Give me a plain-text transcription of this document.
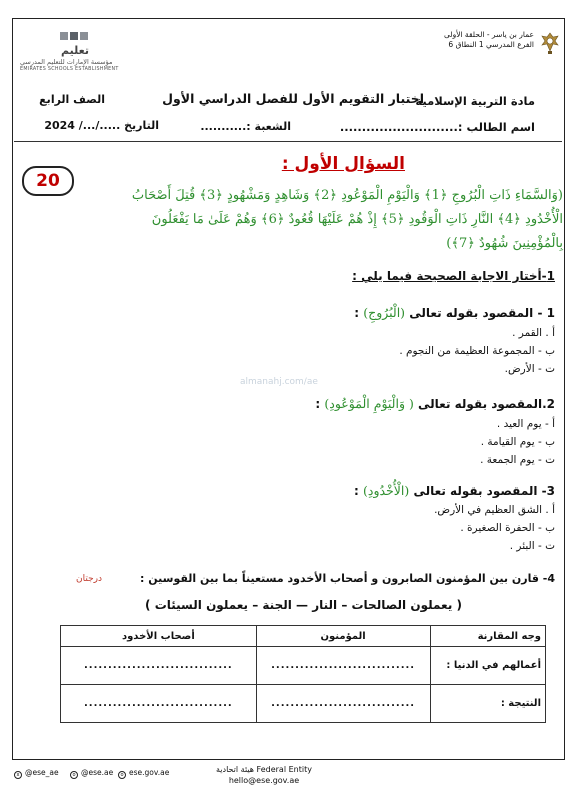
عمار بن ياسر - الحلقة الأولى
الفرع المدرسي 1 النطاق 6
تعليم
مؤسسة الإمارات للتعليم المدرسي
EMIRATES SCHOOLS ESTABLISHMENT
مادة التربية الإسلامية
اختبار التقويم الأول للفصل الدراسي الأول
الصف الرابع
اسم الطالب :...........................
الشعبة :...........
التاريخ ...../.../ 2024
20
السؤال الأول :
(وَالسَّمَاءِ ذَاتِ الْبُرُوجِ ﴿1﴾ وَالْيَوْمِ الْمَوْعُودِ ﴿2﴾ وَشَاهِدٍ وَمَشْهُودٍ ﴿3﴾ قُتِلَ أَصْحَابُ
الْأُخْدُودِ ﴿4﴾ النَّارِ ذَاتِ الْوَقُودِ ﴿5﴾ إِذْ هُمْ عَلَيْهَا قُعُودٌ ﴿6﴾ وَهُمْ عَلَىٰ مَا يَفْعَلُونَ
بِالْمُؤْمِنِينَ شُهُودٌ ﴿7﴾)
1-أختار الاجابة الصحيحة فيما يلي :
1 - المقصود بقوله تعالى (الْبُرُوجِ) :
أ . القمر .
ب - المجموعة العظيمة من النجوم .
ت - الأرض.
almanahj.com/ae
2.المقصود بقوله تعالى ( وَالْيَوْمِ الْمَوْعُودِ) :
أ - يوم العيد .
ب - يوم القيامة .
ت - يوم الجمعة .
3- المقصود بقوله تعالى (الْأُخْدُودِ) :
أ . الشق العظيم في الأرض.
ب - الحفرة الصغيرة .
ت - البئر .
4- قارن بين المؤمنون الصابرون و أصحاب الأخدود مستعيناً بما بين القوسين :
درجتان
( يعملون الصالحات – النار — الجنة – يعملون السيئات )
وجه المقارنة	المؤمنون	أصحاب الأخدود
أعمالهم في الدنيا :	..............................	...............................
النتيجة :	..............................	...............................
هيئة اتحادية Federal Entity
hello@ese.gov.ae
x @ese_ae	o @ese.ae	o ese.gov.ae
